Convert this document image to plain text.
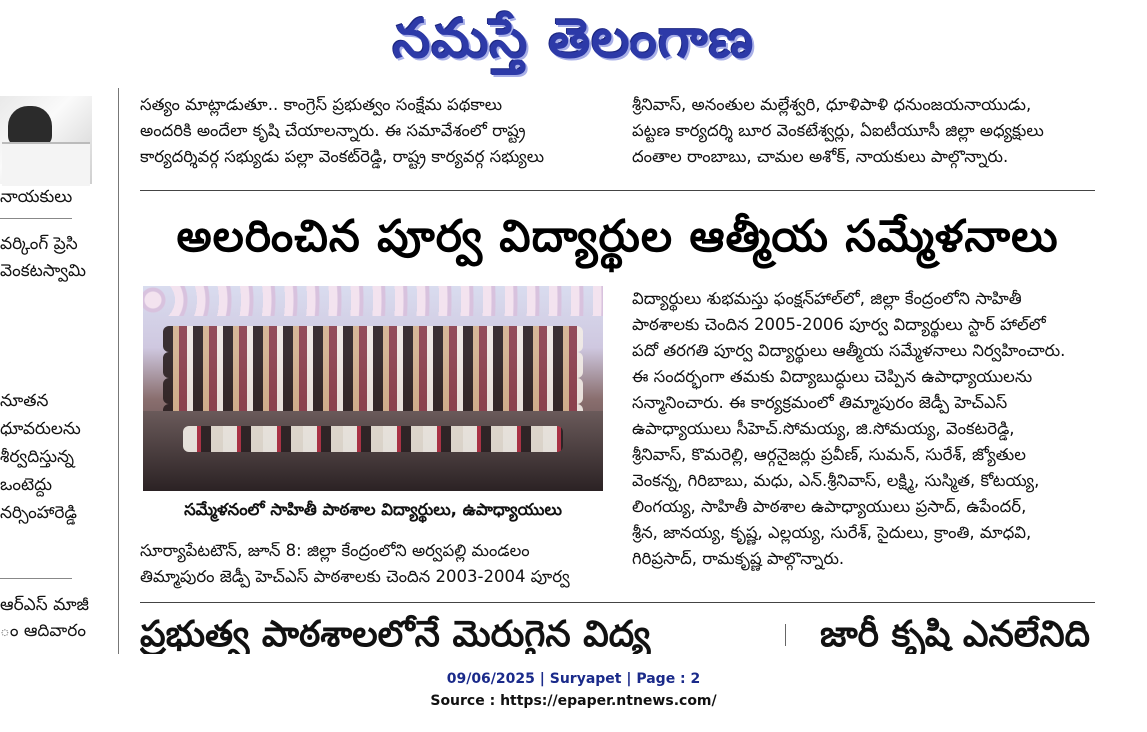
నమస్తే తెలంగాణ
నాయకులు
వర్కింగ్ ప్రెసి
వెంకటస్వామి
నూతన
ధూవరులను
శీర్వదిస్తున్న
ఒంటెద్దు
నర్సింహారెడ్డి
ఆర్ఎస్ మాజీ
ం ఆదివారం
సత్యం మాట్లాడుతూ.. కాంగ్రెస్ ప్రభుత్వం సంక్షేమ పథకాలు
అందరికి అందేలా కృషి చేయాలన్నారు. ఈ సమావేశంలో రాష్ట్ర
కార్యదర్శివర్గ సభ్యుడు పల్లా వెంకట్‌రెడ్డి, రాష్ట్ర కార్యవర్గ సభ్యులు
శ్రీనివాస్, అనంతుల మల్లేశ్వరి, ధూళిపాళి ధనుంజయనాయుడు,
పట్టణ కార్యదర్శి బూర వెంకటేశ్వర్లు, ఏఐటీయూసీ జిల్లా అధ్యక్షులు
దంతాల రాంబాబు, చామల అశోక్, నాయకులు పాల్గొన్నారు.
అలరించిన పూర్వ విద్యార్థుల ఆత్మీయ సమ్మేళనాలు
సమ్మేళనంలో సాహితీ పాఠశాల విద్యార్థులు, ఉపాధ్యాయులు
సూర్యాపేటటౌన్, జూన్ 8: జిల్లా కేంద్రంలోని అర్వపల్లి మండలం
తిమ్మాపురం జెడ్పీ హెచ్ఎస్ పాఠశాలకు చెందిన 2003-2004 పూర్వ
విద్యార్థులు శుభమస్తు ఫంక్షన్‌హాల్‌లో, జిల్లా కేంద్రంలోని సాహితీ
పాఠశాలకు చెందిన 2005-2006 పూర్వ విద్యార్థులు స్టార్ హాల్‌లో
పదో తరగతి పూర్వ విద్యార్థులు ఆత్మీయ సమ్మేళనాలు నిర్వహించారు.
ఈ సందర్భంగా తమకు విద్యాబుద్ధులు చెప్పిన ఉపాధ్యాయులను
సన్మానించారు. ఈ కార్యక్రమంలో తిమ్మాపురం జెడ్పీ హెచ్ఎస్
ఉపాధ్యాయులు సీహెచ్.సోమయ్య, జి.సోమయ్య, వెంకటరెడ్డి,
శ్రీనివాస్, కొమరెల్లి, ఆర్గనైజర్లు ప్రవీణ్, సుమన్, సురేశ్, జ్యోతుల
వెంకన్న, గిరిబాబు, మధు, ఎన్.శ్రీనివాస్, లక్ష్మి, సుస్మిత, కోటయ్య,
లింగయ్య, సాహితీ పాఠశాల ఉపాధ్యాయులు ప్రసాద్, ఉపేందర్,
శ్రీన, జానయ్య, కృష్ణ, ఎల్లయ్య, సురేశ్, సైదులు, క్రాంతి, మాధవి,
గిరిప్రసాద్, రామకృష్ణ పాల్గొన్నారు.
ప్రభుత్వ పాఠశాలలోనే మెరుగైన విద్య	జారీ కృషి ఎనలేనిది
09/06/2025 | Suryapet | Page : 2
Source : https://epaper.ntnews.com/
